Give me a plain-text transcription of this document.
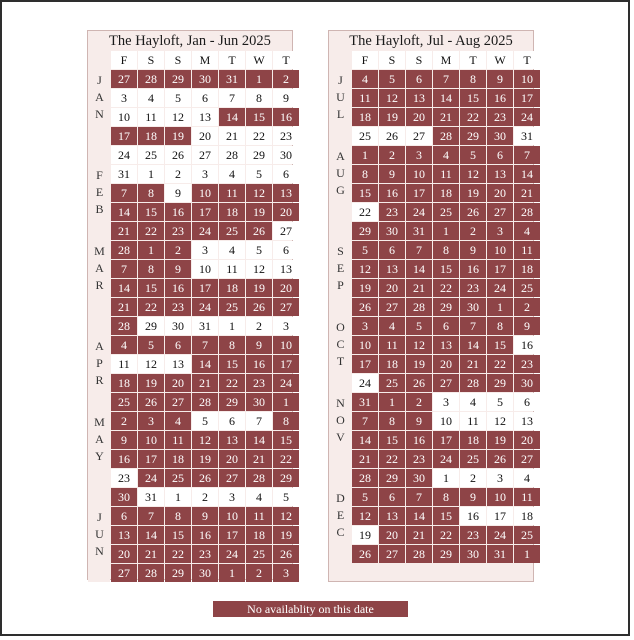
The Hayloft, Jan - Jun 2025
F	S	S	M	T	W	T
JAN 27	28	29	30	31	1	2
3	4	5	6	7	8	9
10	11	12	13	14	15	16
17	18	19	20	21	22	23
24	25	26	27	28	29	30
FEB 31	1	2	3	4	5	6
7	8	9	10	11	12	13
14	15	16	17	18	19	20
21	22	23	24	25	26	27
MAR 28	1	2	3	4	5	6
7	8	9	10	11	12	13
14	15	16	17	18	19	20
21	22	23	24	25	26	27
28	29	30	31	1	2	3
APR	4	5	6	7	8	9	10
11	12	13	14	15	16	17
18	19	20	21	22	23	24
25	26	27	28	29	30	1
MAY	2	3	4	5	6	7	8
9	10	11	12	13	14	15
16	17	18	19	20	21	22
23	24	25	26	27	28	29
30	31	1	2	3	4	5
JUN	6	7	8	9	10	11	12
13	14	15	16	17	18	19
20	21	22	23	24	25	26
27	28	29	30	1	2	3
The Hayloft, Jul - Aug 2025
F	S	S	M	T	W	T
JUL	4	5	6	7	8	9	10
11	12	13	14	15	16	17
18	19	20	21	22	23	24
25	26	27	28	29	30	31
AUG	1	2	3	4	5	6	7
8	9	10	11	12	13	14
15	16	17	18	19	20	21
22	23	24	25	26	27	28
29	30	31	1	2	3	4
SEP	5	6	7	8	9	10	11
12	13	14	15	16	17	18
19	20	21	22	23	24	25
26	27	28	29	30	1	2
OCT	3	4	5	6	7	8	9
10	11	12	13	14	15	16
17	18	19	20	21	22	23
24	25	26	27	28	29	30
NOV 31	1	2	3	4	5	6
7	8	9	10	11	12	13
14	15	16	17	18	19	20
21	22	23	24	25	26	27
28	29	30	1	2	3	4
DEC	5	6	7	8	9	10	11
12	13	14	15	16	17	18
19	20	21	22	23	24	25
26	27	28	29	30	31	1
No availablity on this date
